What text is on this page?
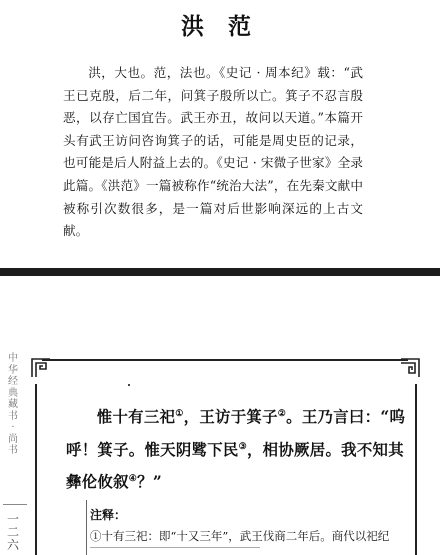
洪 范
洪，大也。范，法也。《史记 · 周本纪》载：“武王已克殷，后二年，问箕子殷所以亡。箕子不忍言殷恶，以存亡国宜告。武王亦丑，故问以天道。”本篇开头有武王访问咨询箕子的话，可能是周史臣的记录，也可能是后人附益上去的。《史记 · 宋微子世家》全录此篇。《洪范》一篇被称作“统治大法”，在先秦文献中被称引次数很多，是一篇对后世影响深远的上古文献。
中华经典藏书 · 尚书
一二六
惟十有三祀①，王访于箕子②。王乃言曰：“呜呼！箕子。惟天阴骘下民③，相协厥居。我不知其彝伦攸叙④？”
注释：
①十有三祀：即“十又三年”，武王伐商二年后。商代以祀纪
